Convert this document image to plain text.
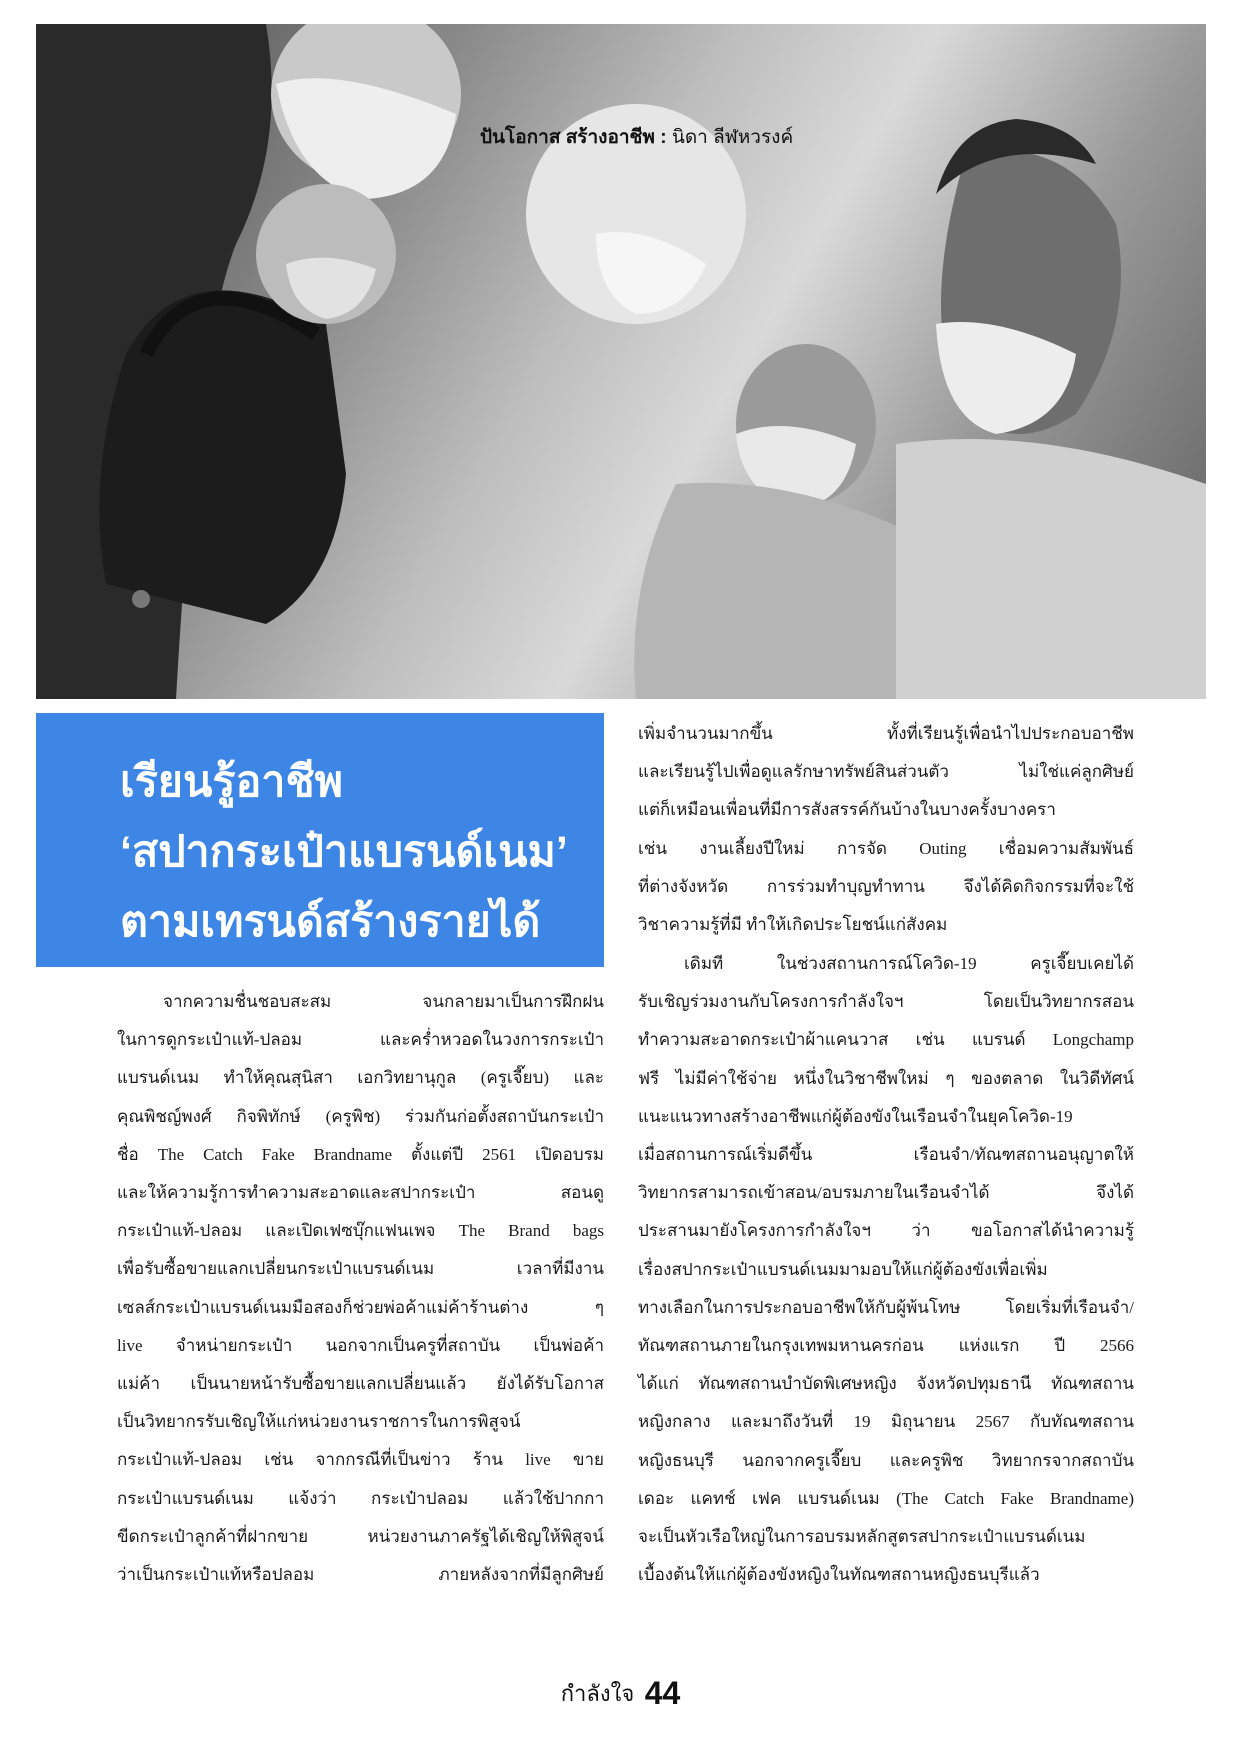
ปันโอกาส สร้างอาชีพ : นิดา ลีฬหวรงค์
เรียนรู้อาชีพ
‘สปากระเป๋าแบรนด์เนม’
ตามเทรนด์สร้างรายได้
จากความชื่นชอบสะสม จนกลายมาเป็นการฝึกฝน
ในการดูกระเป๋าแท้-ปลอม และคร่ำหวอดในวงการกระเป๋า
แบรนด์เนม ทำให้คุณสุนิสา เอกวิทยานุกูล (ครูเจี๊ยบ) และ
คุณพิชญ์พงศ์ กิจพิทักษ์ (ครูพิช) ร่วมกันก่อตั้งสถาบันกระเป๋า
ชื่อ The Catch Fake Brandname ตั้งแต่ปี 2561 เปิดอบรม
และให้ความรู้การทำความสะอาดและสปากระเป๋า สอนดู
กระเป๋าแท้-ปลอม และเปิดเฟซบุ๊กแฟนเพจ The Brand bags
เพื่อรับซื้อขายแลกเปลี่ยนกระเป๋าแบรนด์เนม เวลาที่มีงาน
เซลส์กระเป๋าแบรนด์เนมมือสองก็ช่วยพ่อค้าแม่ค้าร้านต่าง ๆ
live จำหน่ายกระเป๋า นอกจากเป็นครูที่สถาบัน เป็นพ่อค้า
แม่ค้า เป็นนายหน้ารับซื้อขายแลกเปลี่ยนแล้ว ยังได้รับโอกาส
เป็นวิทยากรรับเชิญให้แก่หน่วยงานราชการในการพิสูจน์
กระเป๋าแท้-ปลอม เช่น จากกรณีที่เป็นข่าว ร้าน live ขาย
กระเป๋าแบรนด์เนม แจ้งว่า กระเป๋าปลอม แล้วใช้ปากกา
ขีดกระเป๋าลูกค้าที่ฝากขาย หน่วยงานภาครัฐได้เชิญให้พิสูจน์
ว่าเป็นกระเป๋าแท้หรือปลอม ภายหลังจากที่มีลูกศิษย์
เพิ่มจำนวนมากขึ้น ทั้งที่เรียนรู้เพื่อนำไปประกอบอาชีพ
และเรียนรู้ไปเพื่อดูแลรักษาทรัพย์สินส่วนตัว ไม่ใช่แค่ลูกศิษย์
แต่ก็เหมือนเพื่อนที่มีการสังสรรค์กันบ้างในบางครั้งบางครา
เช่น งานเลี้ยงปีใหม่ การจัด Outing เชื่อมความสัมพันธ์
ที่ต่างจังหวัด การร่วมทำบุญทำทาน จึงได้คิดกิจกรรมที่จะใช้
วิชาความรู้ที่มี ทำให้เกิดประโยชน์แก่สังคม
เดิมที ในช่วงสถานการณ์โควิด-19 ครูเจี๊ยบเคยได้
รับเชิญร่วมงานกับโครงการกำลังใจฯ โดยเป็นวิทยากรสอน
ทำความสะอาดกระเป๋าผ้าแคนวาส เช่น แบรนด์ Longchamp
ฟรี ไม่มีค่าใช้จ่าย หนึ่งในวิชาชีพใหม่ ๆ ของตลาด ในวิดีทัศน์
แนะแนวทางสร้างอาชีพแก่ผู้ต้องขังในเรือนจำในยุคโควิด-19
เมื่อสถานการณ์เริ่มดีขึ้น เรือนจำ/ทัณฑสถานอนุญาตให้
วิทยากรสามารถเข้าสอน/อบรมภายในเรือนจำได้ จึงได้
ประสานมายังโครงการกำลังใจฯ ว่า ขอโอกาสได้นำความรู้
เรื่องสปากระเป๋าแบรนด์เนมมามอบให้แก่ผู้ต้องขังเพื่อเพิ่ม
ทางเลือกในการประกอบอาชีพให้กับผู้พ้นโทษ โดยเริ่มที่เรือนจำ/
ทัณฑสถานภายในกรุงเทพมหานครก่อน แห่งแรก ปี 2566
ได้แก่ ทัณฑสถานบำบัดพิเศษหญิง จังหวัดปทุมธานี ทัณฑสถาน
หญิงกลาง และมาถึงวันที่ 19 มิถุนายน 2567 กับทัณฑสถาน
หญิงธนบุรี นอกจากครูเจี๊ยบ และครูพิช วิทยากรจากสถาบัน
เดอะ แคทช์ เฟค แบรนด์เนม (The Catch Fake Brandname)
จะเป็นหัวเรือใหญ่ในการอบรมหลักสูตรสปากระเป๋าแบรนด์เนม
เบื้องต้นให้แก่ผู้ต้องขังหญิงในทัณฑสถานหญิงธนบุรีแล้ว
กำลังใจ 44
